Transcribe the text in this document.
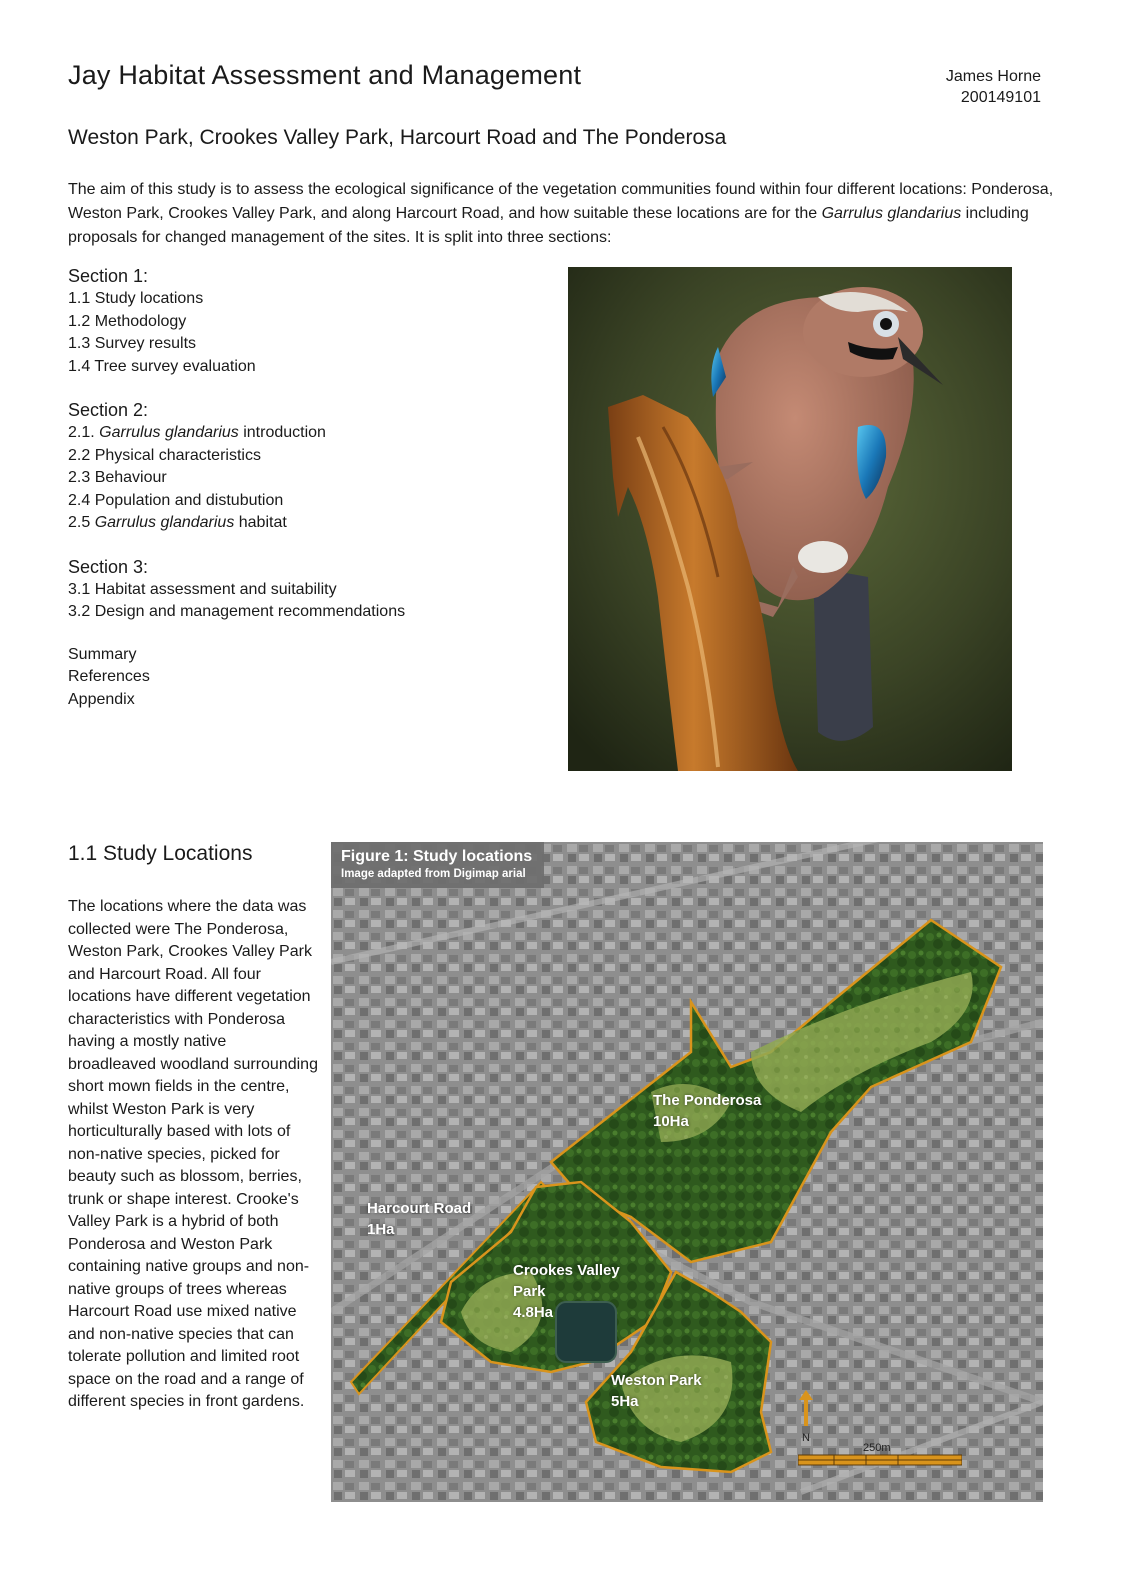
Jay Habitat Assessment and Management	James Horne
200149101
Weston Park, Crookes Valley Park, Harcourt Road and The Ponderosa

The aim of this study is to assess the ecological significance of the vegetation communities found within four different locations: Ponderosa, Weston Park, Crookes Valley Park, and along Harcourt Road, and how suitable these locations are for the Garrulus glandarius including proposals for changed management of the sites. It is split into three sections:

Section 1:
1.1 Study locations
1.2 Methodology
1.3 Survey results
1.4 Tree survey evaluation
Section 2:
2.1. Garrulus glandarius introduction
2.2 Physical characteristics
2.3 Behaviour
2.4 Population and distubution
2.5 Garrulus glandarius habitat
Section 3:
3.1 Habitat assessment and suitability
3.2 Design and management recommendations
Summary
References
Appendix
1.1 Study Locations

The locations where the data was collected were The Ponderosa, Weston Park, Crookes Valley Park and Harcourt Road. All four locations have different vegetation characteristics with Ponderosa having a mostly native broadleaved woodland surrounding short mown fields in the centre, whilst Weston Park is very horticulturally based with lots of non-native species, picked for beauty such as blossom, berries, trunk or shape interest. Crooke's Valley Park is a hybrid of both Ponderosa and Weston Park containing native groups and non-native groups of trees whereas Harcourt Road use mixed native and non-native species that can tolerate pollution and limited root space on the road and a range of different species in front gardens.

Figure 1: Study locations
Image adapted from Digimap arial
The Ponderosa
10Ha
Harcourt Road
1Ha
Crookes Valley
Park
4.8Ha
Weston Park
5Ha
N
250m
